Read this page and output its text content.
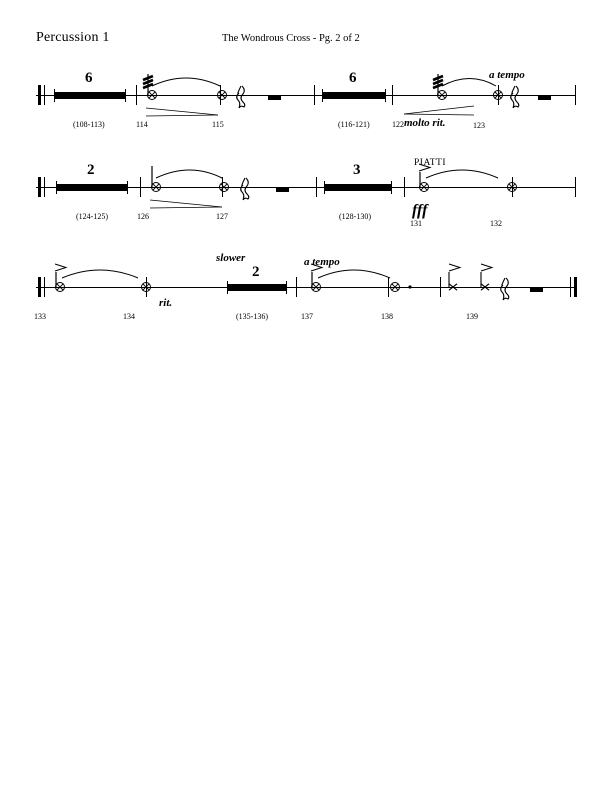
Percussion 1	The Wondrous Cross - Pg. 2 of 2
6
(108-113)	114	115
6
(116-121)
a tempo
molto rit.
122	123
2
(124-125)	126	127
3
(128-130)
PIATTI
fff
131	132
133	134
rit.
slower
2
(135-136)
a tempo
137	138	139
